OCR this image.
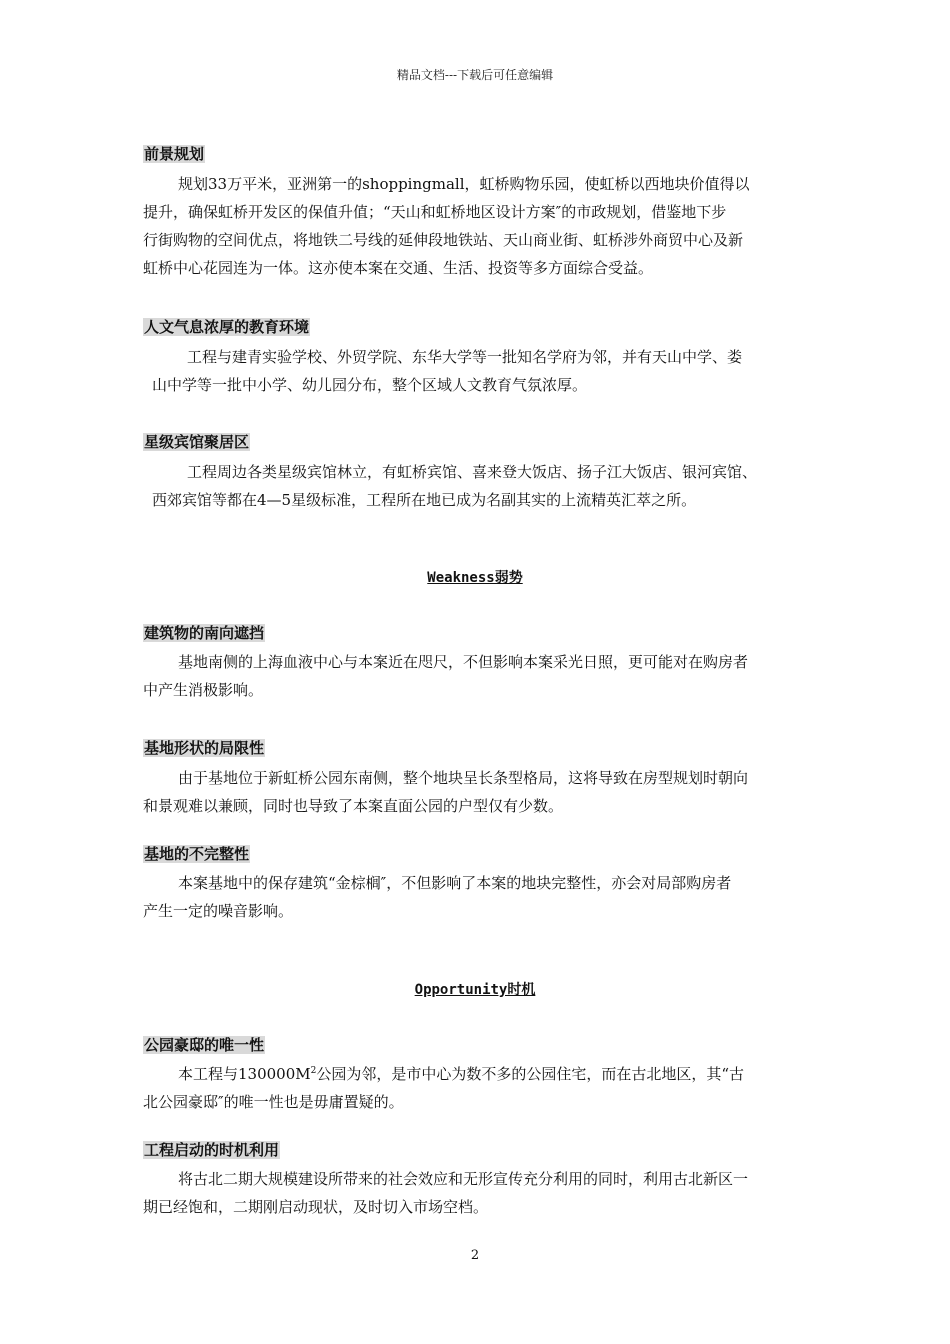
精品文档---下载后可任意编辑
前景规划

规划33万平米，亚洲第一的shoppingmall，虹桥购物乐园，使虹桥以西地块价值得以
提升，确保虹桥开发区的保值升值；“天山和虹桥地区设计方案″的市政规划，借鉴地下步
行街购物的空间优点，将地铁二号线的延伸段地铁站、天山商业街、虹桥涉外商贸中心及新
虹桥中心花园连为一体。这亦使本案在交通、生活、投资等多方面综合受益。

人文气息浓厚的教育环境

工程与建青实验学校、外贸学院、东华大学等一批知名学府为邻，并有天山中学、娄
山中学等一批中小学、幼儿园分布，整个区域人文教育气氛浓厚。

星级宾馆聚居区

工程周边各类星级宾馆林立，有虹桥宾馆、喜来登大饭店、扬子江大饭店、银河宾馆、
西郊宾馆等都在4—5星级标准，工程所在地已成为名副其实的上流精英汇萃之所。

Weakness弱势
建筑物的南向遮挡

基地南侧的上海血液中心与本案近在咫尺，不但影响本案采光日照，更可能对在购房者
中产生消极影响。

基地形状的局限性

由于基地位于新虹桥公园东南侧，整个地块呈长条型格局，这将导致在房型规划时朝向
和景观难以兼顾，同时也导致了本案直面公园的户型仅有少数。

基地的不完整性

本案基地中的保存建筑“金棕榈″，不但影响了本案的地块完整性，亦会对局部购房者
产生一定的噪音影响。

Opportunity时机
公园豪邸的唯一性

本工程与$130000M^2$公园为邻，是市中心为数不多的公园住宅，而在古北地区，其“古
北公园豪邸″的唯一性也是毋庸置疑的。

工程启动的时机利用

将古北二期大规模建设所带来的社会效应和无形宣传充分利用的同时，利用古北新区一
期已经饱和，二期刚启动现状，及时切入市场空档。

2
